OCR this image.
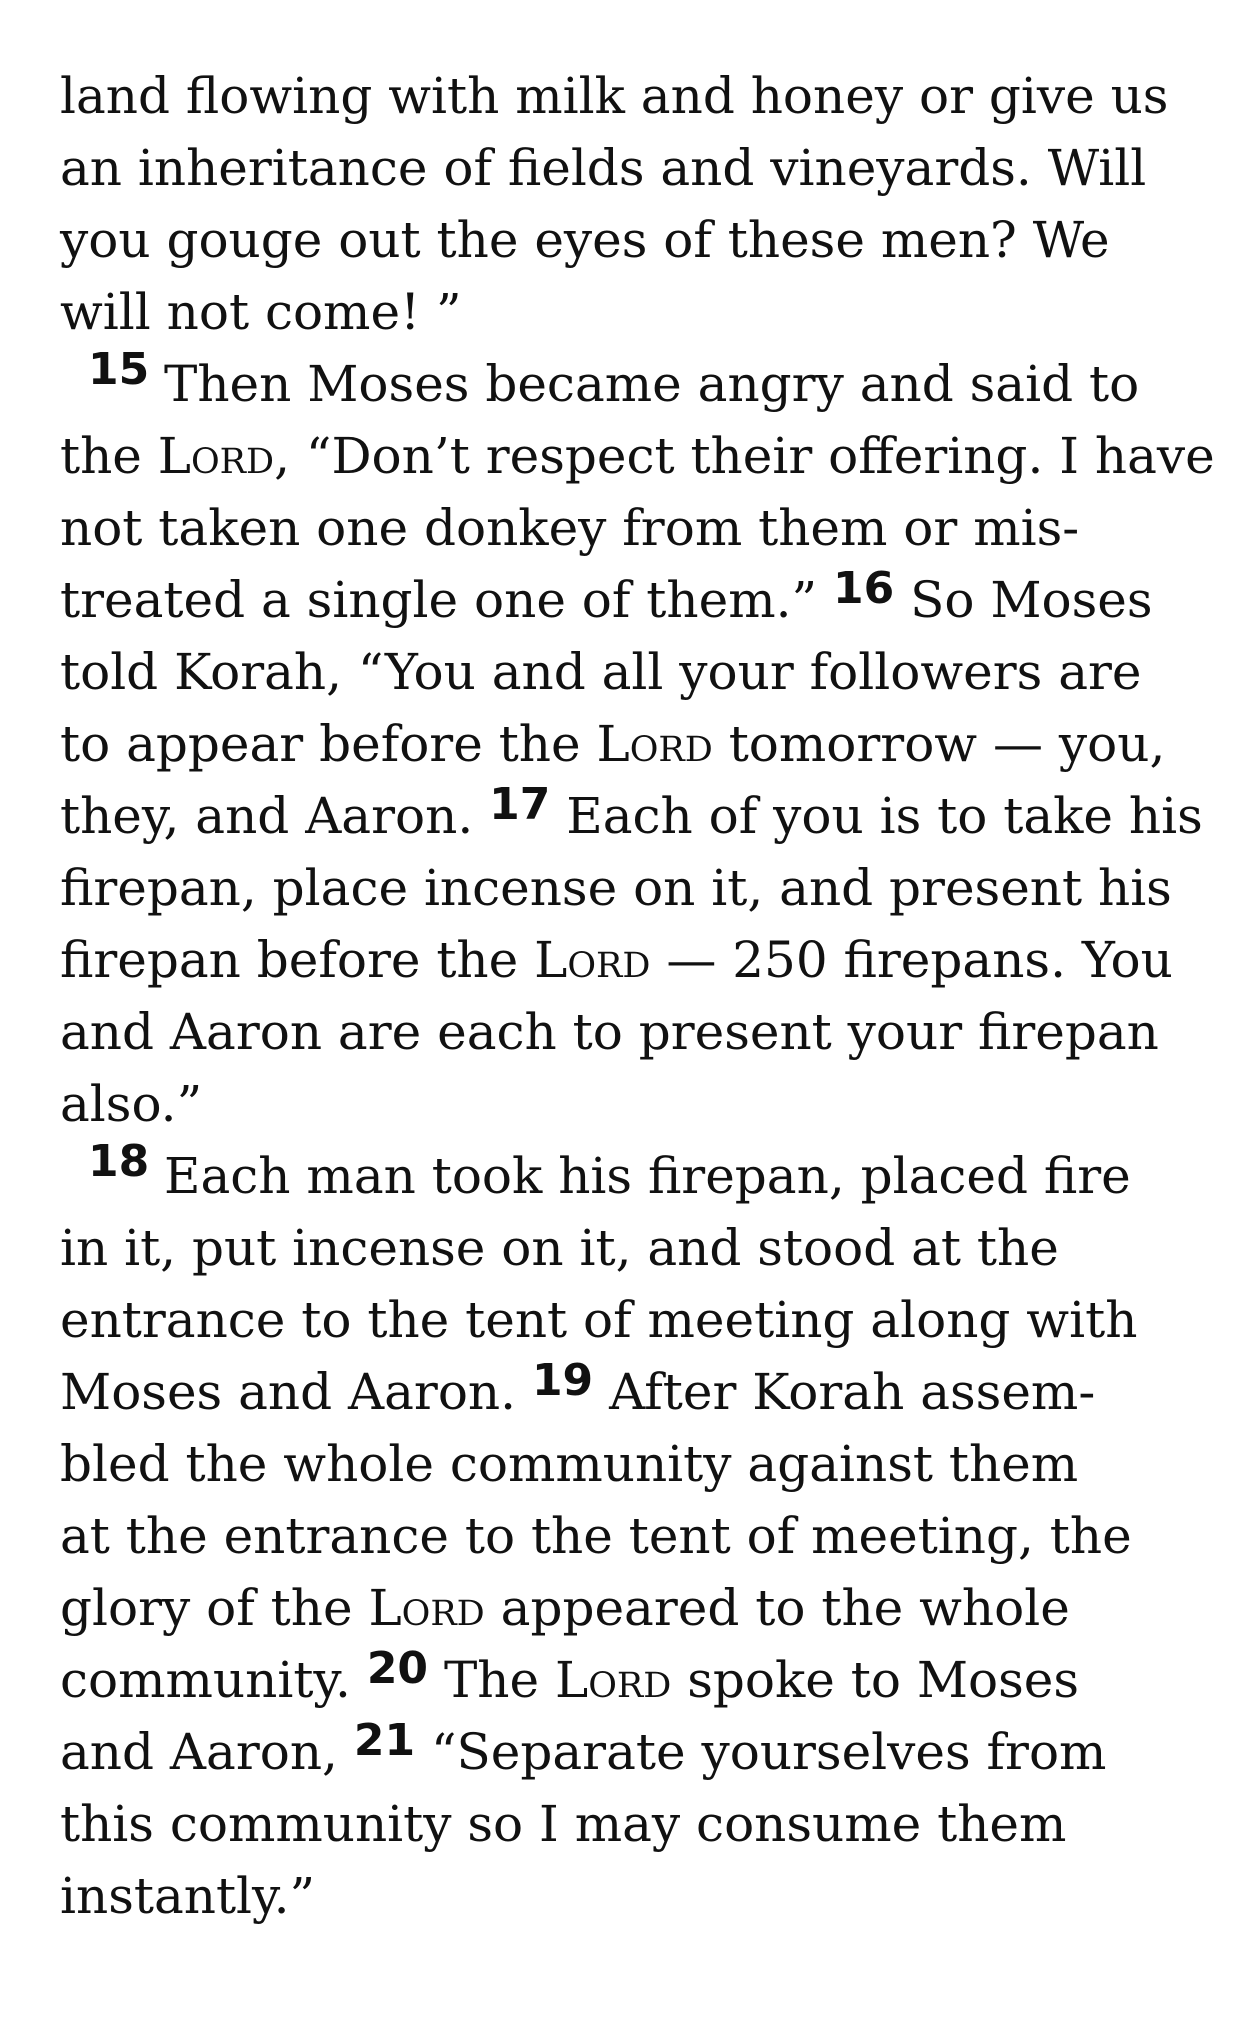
land flowing with milk and honey or give us
an inheritance of fields and vineyards. Will
you gouge out the eyes of these men? We
will not come! ”
15 Then Moses became angry and said to
the Lord, “Don’t respect their offering. I have
not taken one donkey from them or mis-
treated a single one of them.” 16 So Moses
told Korah, “You and all your followers are
to appear before the Lord tomorrow — you,
they, and Aaron. 17 Each of you is to take his
firepan, place incense on it, and present his
firepan before the Lord — 250 firepans. You
and Aaron are each to present your firepan
also.”
18 Each man took his firepan, placed fire
in it, put incense on it, and stood at the
entrance to the tent of meeting along with
Moses and Aaron. 19 After Korah assem-
bled the whole community against them
at the entrance to the tent of meeting, the
glory of the Lord appeared to the whole
community. 20 The Lord spoke to Moses
and Aaron, 21 “Separate yourselves from
this community so I may consume them
instantly.”
